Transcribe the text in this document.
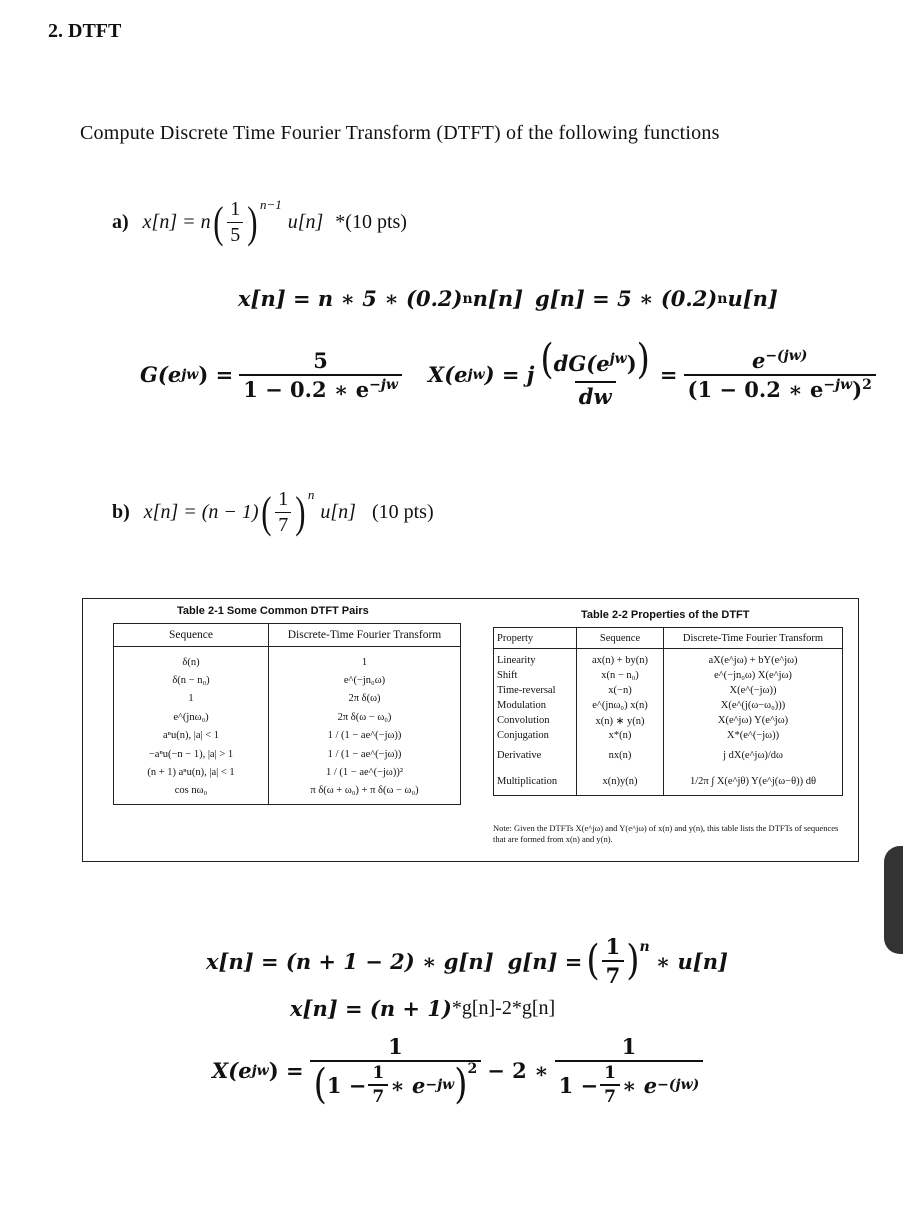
2. DTFT
Compute Discrete Time Fourier Transform (DTFT) of the following functions
a) x[n] = n ( $\frac{1}{5}$ ) n−1
u[n] *(10 pts)
x[n] = n ∗ 5 ∗ (0.2) n n[n] g[n] = 5 ∗ (0.2) n u[n]
G(e jw ) = $\frac{5}{1 - 0.2 ∗ e^{-jw}} X(e$ jw ) = j $\frac{(dG(e^{jw}))}{dw} = \frac{e^{-(jw)}}{(1 - 0.2 ∗ e^{-jw})^2}$
b) x[n] = (n − 1) ( $\frac{1}{7}$ ) n
u[n] (10 pts)
Table 2-1 Some Common DTFT Pairs
Sequence	Discrete-Time Fourier Transform
δ(n)	1
δ(n − n₀)	e^(−jn₀ω)
1	2π δ(ω)
e^(jnω₀)	2π δ(ω − ω₀)
aⁿu(n), |a| < 1	1 / (1 − ae^(−jω))
−aⁿu(−n − 1), |a| > 1	1 / (1 − ae^(−jω))
(n + 1) aⁿu(n), |a| < 1	1 / (1 − ae^(−jω))²
cos nω₀	π δ(ω + ω₀) + π δ(ω − ω₀)
Table 2-2 Properties of the DTFT
Property	Sequence	Discrete-Time Fourier Transform
Linearity	ax(n) + by(n)	aX(e^jω) + bY(e^jω)
Shift	x(n − n₀)	e^(−jn₀ω) X(e^jω)
Time-reversal	x(−n)	X(e^(−jω))
Modulation	e^(jnω₀) x(n)	X(e^(j(ω−ω₀)))
Convolution	x(n) ∗ y(n)	X(e^jω) Y(e^jω)
Conjugation	x*(n)	X*(e^(−jω))
Derivative	nx(n)	j dX(e^jω)/dω
Multiplication	x(n)y(n)	1/2π ∫ X(e^jθ) Y(e^j(ω−θ)) dθ
Note: Given the DTFTs X(e^jω) and Y(e^jω) of x(n) and y(n), this table lists the DTFTs of sequences that are formed from x(n) and y(n).
x[n] = (n + 1 − 2) ∗ g[n] g[n] = ( $\frac{1}{7} )^n$
∗ u[n]
x[n] = (n + 1) *g[n]-2*g[n]
X(e jw ) = $\frac{1}{( 1 - \frac{1}{7} ∗ e -jw )^2} - 2$ ∗ $\frac{1}{1 - \frac{1}{7} ∗ e -(jw)}$
